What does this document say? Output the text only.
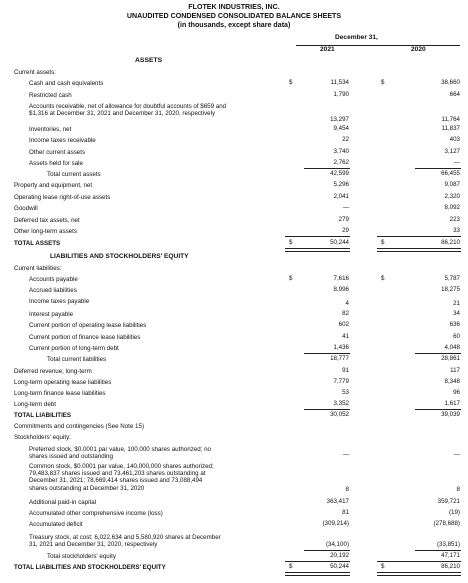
FLOTEK INDUSTRIES, INC.
UNAUDITED CONDENSED CONSOLIDATED BALANCE SHEETS
(in thousands, except share data)
December 31,
2021	2020
ASSETS
Current assets:
Cash and cash equivalents	$	11,534	$	38,660
Restricted cash	1,790	664
Accounts receivable, net of allowance for doubtful accounts of $659 and
$1,316 at December 31, 2021 and December 31, 2020, respectively
13,297	11,764
Inventories, net	9,454	11,837
Income taxes receivable	22	403
Other current assets	3,740	3,127
Assets held for sale	2,762	—
Total current assets	42,599	66,455
Property and equipment, net	5,296	9,087
Operating lease right-of-use assets	2,041	2,320
Goodwill	—	8,092
Deferred tax assets, net	279	223
Other long-term assets	29	33
TOTAL ASSETS	$	50,244	$	86,210
LIABILITIES AND STOCKHOLDERS' EQUITY
Current liabilities:
Accounts payable	$	7,616	$	5,787
Accrued liabilities	8,996	18,275
Income taxes payable	4	21
Interest payable	82	34
Current portion of operating lease liabilities	602	636
Current portion of finance lease liabilities	41	60
Current portion of long-term debt	1,436	4,048
Total current liabilities	18,777	28,861
Deferred revenue, long-term	91	117
Long-term operating lease liabilities	7,779	8,348
Long-term finance lease liabilities	53	96
Long-term debt	3,352	1,617
TOTAL LIABILITIES	30,052	39,039
Commitments and contingencies (See Note 15)
Stockholders' equity:
Preferred stock, $0.0001 par value, 100,000 shares authorized; no
shares issued and outstanding	—	—
Common stock, $0.0001 par value, 140,000,000 shares authorized;
79,483,837 shares issued and 73,461,203 shares outstanding at
December 31, 2021; 78,669,414 shares issued and 73,088,494
shares outstanding at December 31, 2020	8	8
Additional paid-in capital	363,417	359,721
Accumulated other comprehensive income (loss)	81	(19)
Accumulated deficit	(309,214)	(278,688)
Treasury stock, at cost; 6,022,634 and 5,580,920 shares at December
31, 2021 and December 31, 2020, respectively	(34,100)	(33,851)
Total stockholders' equity	20,192	47,171
TOTAL LIABILITIES AND STOCKHOLDERS' EQUITY	$	50,244	$	86,210
